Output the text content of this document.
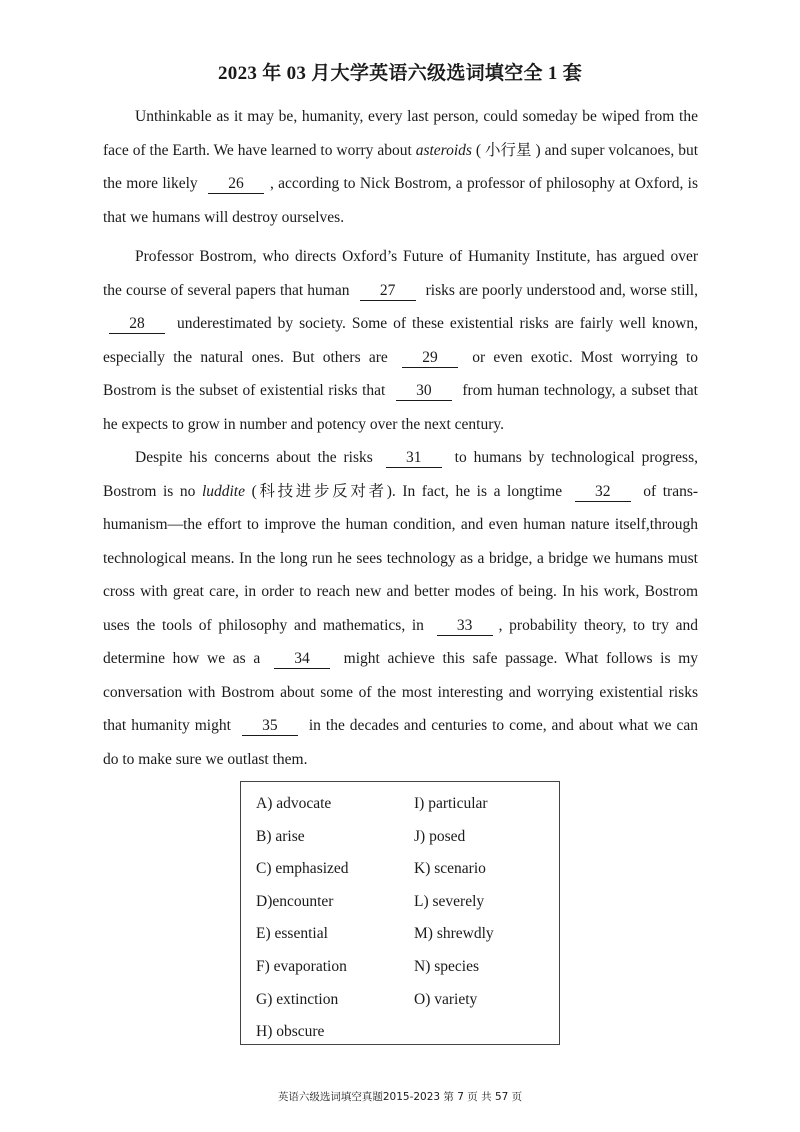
2023 年 03 月大学英语六级选词填空全 1 套

Unthinkable as it may be, humanity, every last person, could someday be wiped from the face of the Earth. We have learned to worry about asteroids ( 小行星 ) and super volcanoes, but the more likely 26 , according to Nick Bostrom, a professor of philosophy at Oxford, is that we humans will destroy ourselves.

Professor Bostrom, who directs Oxford’s Future of Humanity Institute, has argued over the course of several papers that human 27 risks are poorly understood and, worse still, 28 underestimated by society. Some of these existential risks are fairly well known, especially the natural ones. But others are 29 or even exotic. Most worrying to Bostrom is the subset of existential risks that 30 from human technology, a subset that he expects to grow in number and potency over the next century.

Despite his concerns about the risks 31 to humans by technological progress, Bostrom is no luddite (科技进步反对者). In fact, he is a longtime 32 of trans-humanism—the effort to improve the human condition, and even human nature itself,through technological means. In the long run he sees technology as a bridge, a bridge we humans must cross with great care, in order to reach new and better modes of being. In his work, Bostrom uses the tools of philosophy and mathematics, in 33 , probability theory, to try and determine how we as a 34 might achieve this safe passage. What follows is my conversation with Bostrom about some of the most interesting and worrying existential risks that humanity might 35 in the decades and centuries to come, and about what we can do to make sure we outlast them.

A) advocate
B) arise
C) emphasized
D)encounter
E) essential
F) evaporation
G) extinction
H) obscure
I) particular
J) posed
K) scenario
L) severely
M) shrewdly
N) species
O) variety
英语六级选词填空真题2015-2023 第 7 页 共 57 页
